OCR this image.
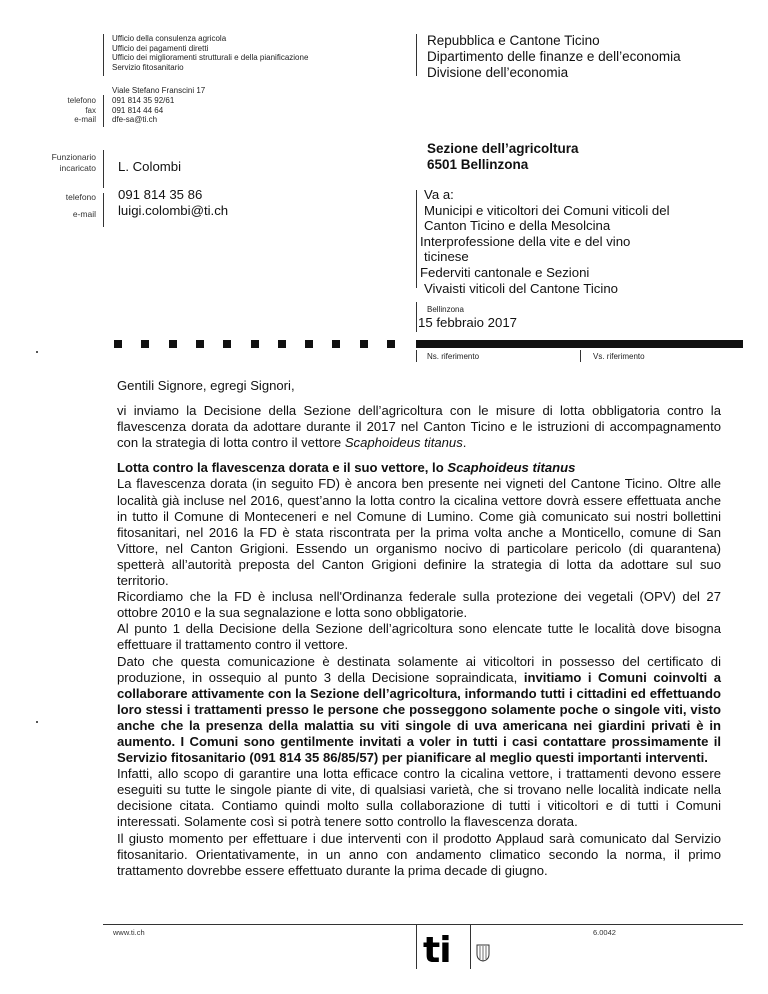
Ufficio della consulenza agricola
Ufficio dei pagamenti diretti
Ufficio dei miglioramenti strutturali e della pianificazione
Servizio fitosanitario
Viale Stefano Franscini 17
telefono
fax
e-mail
091 814 35 92/61
091 814 44 64
dfe-sa@ti.ch
Repubblica e Cantone Ticino
Dipartimento delle finanze e dell’economia
Divisione dell’economia
Funzionario
incaricato L. Colombi
telefono
e-mail
091 814 35 86
luigi.colombi@ti.ch
Sezione dell’agricoltura
6501 Bellinzona
Va a:
Municipi e viticoltori dei Comuni viticoli del
Canton Ticino e della Mesolcina
Interprofessione della vite e del vino
ticinese
Federviti cantonale e Sezioni
Vivaisti viticoli del Cantone Ticino
Bellinzona
15 febbraio 2017
Ns. riferimento	Vs. riferimento

Gentili Signore, egregi Signori,

vi inviamo la Decisione della Sezione dell’agricoltura con le misure di lotta obbligatoria contro la flavescenza dorata da adottare durante il 2017 nel Canton Ticino e le istruzioni di accompagnamento con la strategia di lotta contro il vettore Scaphoideus titanus.

Lotta contro la flavescenza dorata e il suo vettore, lo Scaphoideus titanus

La flavescenza dorata (in seguito FD) è ancora ben presente nei vigneti del Cantone Ticino. Oltre alle località già incluse nel 2016, quest’anno la lotta contro la cicalina vettore dovrà essere effettuata anche in tutto il Comune di Monteceneri e nel Comune di Lumino. Come già comunicato sui nostri bollettini fitosanitari, nel 2016 la FD è stata riscontrata per la prima volta anche a Monticello, comune di San Vittore, nel Canton Grigioni. Essendo un organismo nocivo di particolare pericolo (di quarantena) spetterà all’autorità preposta del Canton Grigioni definire la strategia di lotta da adottare sul suo territorio.

Ricordiamo che la FD è inclusa nell'Ordinanza federale sulla protezione dei vegetali (OPV) del 27 ottobre 2010 e la sua segnalazione e lotta sono obbligatorie.

Al punto 1 della Decisione della Sezione dell’agricoltura sono elencate tutte le località dove bisogna effettuare il trattamento contro il vettore.

Dato che questa comunicazione è destinata solamente ai viticoltori in possesso del certificato di produzione, in ossequio al punto 3 della Decisione sopraindicata, invitiamo i Comuni coinvolti a collaborare attivamente con la Sezione dell’agricoltura, informando tutti i cittadini ed effettuando loro stessi i trattamenti presso le persone che posseggono solamente poche o singole viti, visto anche che la presenza della malattia su viti singole di uva americana nei giardini privati è in aumento. I Comuni sono gentilmente invitati a voler in tutti i casi contattare prossimamente il Servizio fitosanitario (091 814 35 86/85/57) per pianificare al meglio questi importanti interventi.

Infatti, allo scopo di garantire una lotta efficace contro la cicalina vettore, i trattamenti devono essere eseguiti su tutte le singole piante di vite, di qualsiasi varietà, che si trovano nelle località indicate nella decisione citata. Contiamo quindi molto sulla collaborazione di tutti i viticoltori e di tutti i Comuni interessati. Solamente così si potrà tenere sotto controllo la flavescenza dorata.

Il giusto momento per effettuare i due interventi con il prodotto Applaud sarà comunicato dal Servizio fitosanitario. Orientativamente, in un anno con andamento climatico secondo la norma, il primo trattamento dovrebbe essere effettuato durante la prima decade di giugno.

www.ti.ch	6.0042
ti
